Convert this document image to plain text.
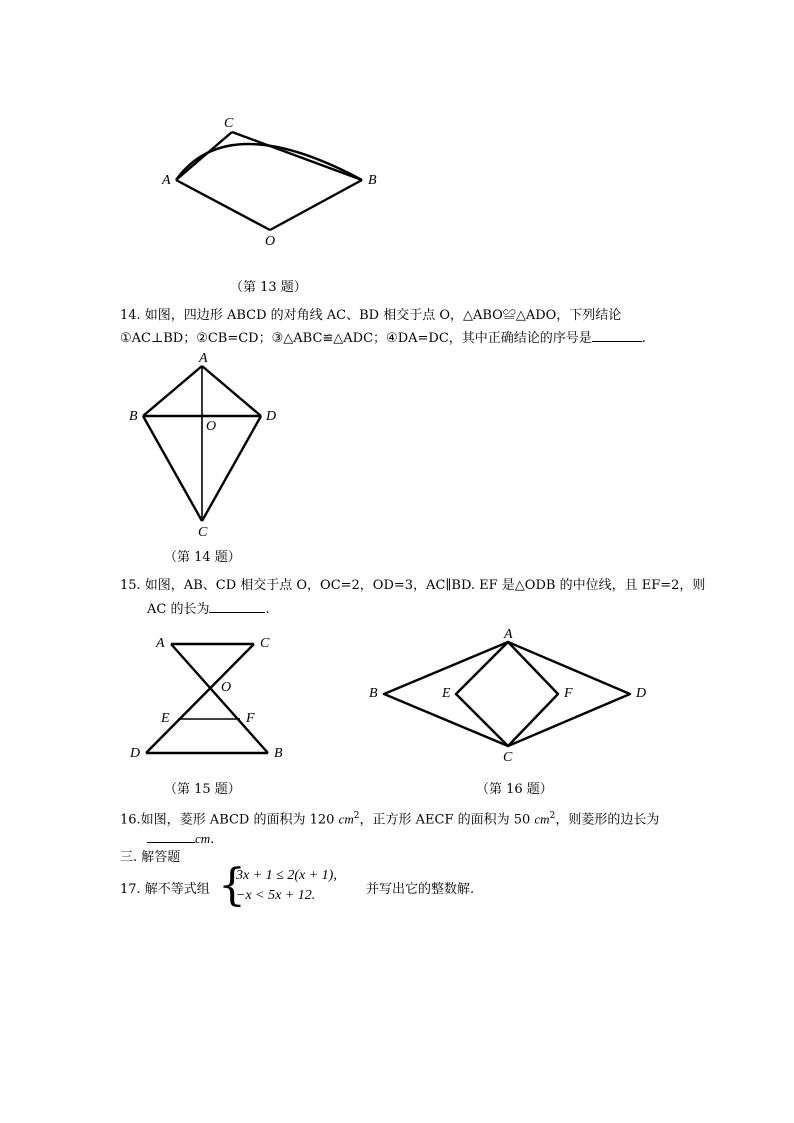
A	B
C
O
（第 13 题）
14. 如图，四边形 ABCD 的对角线 AC、BD 相交于点 O，△ABO≌△ADO，下列结论
①AC⊥BD；②CB=CD；③△ABC≌△ADC；④DA=DC，其中正确结论的序号是	.
A
B	D
O
C
（第 14 题）
15. 如图，AB、CD 相交于点 O，OC=2，OD=3，AC∥BD. EF 是△ODB 的中位线，且 EF=2，则
AC 的长为	.
A	C
O
E	F
D	B
（第 15 题）
A
B	E	F	D
C
（第 16 题）
16.如图，菱形 ABCD 的面积为 120 $cm^2$，正方形 AECF 的面积为 50 $cm^2$，则菱形的边长为
cm.
三. 解答题
17. 解不等式组 {
3x + 1 ≤ 2(x + 1),
−x < 5x + 12.	并写出它的整数解.
